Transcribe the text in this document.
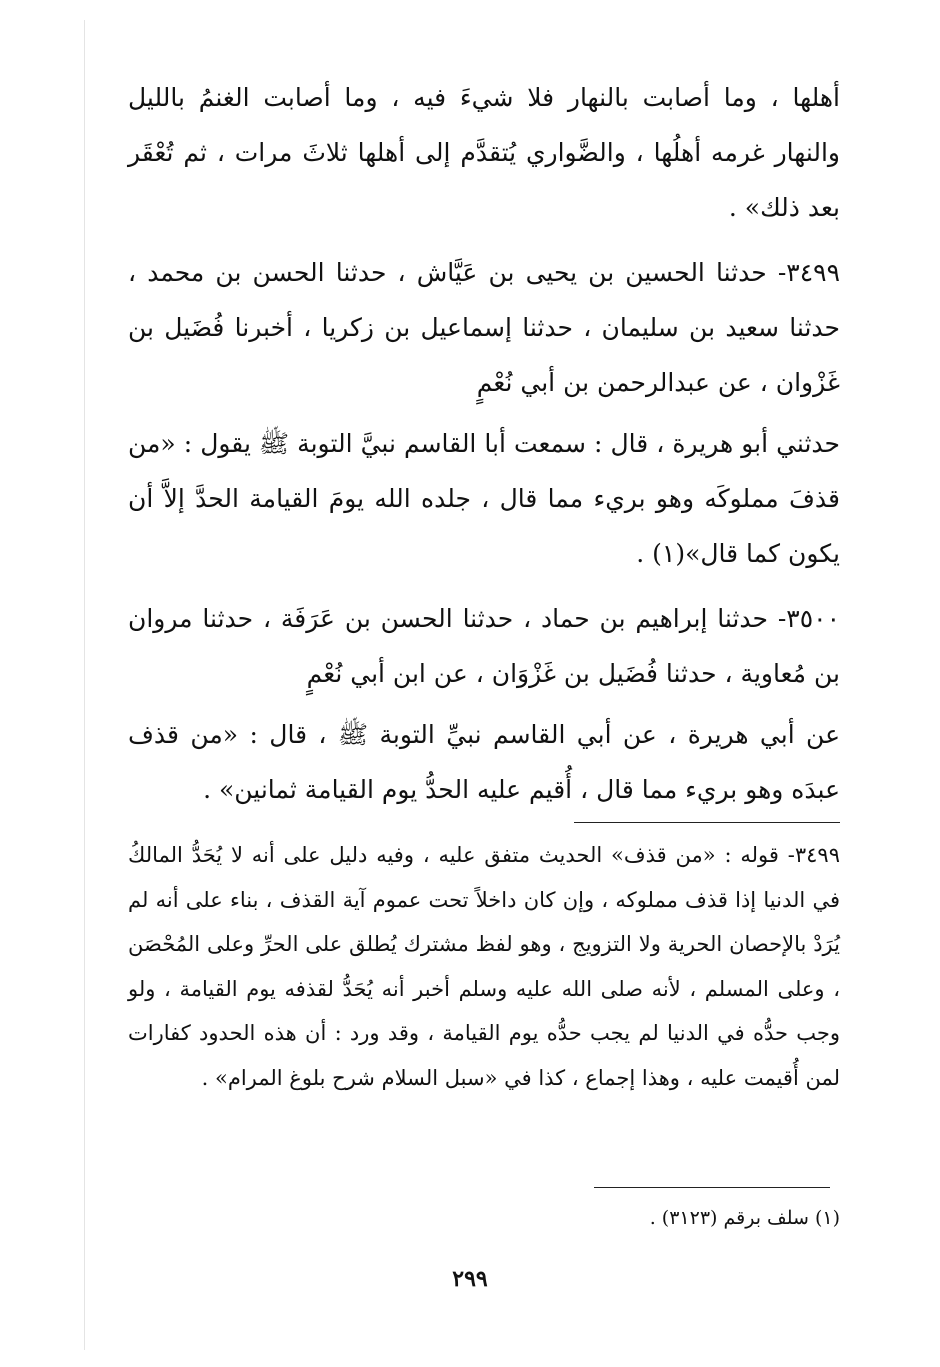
أهلها ، وما أصابت بالنهار فلا شيءَ فيه ، وما أصابت الغنمُ بالليل والنهار غرمه أهلُها ، والضَّواري يُتقدَّم إلى أهلها ثلاثَ مرات ، ثم تُعْقَر بعد ذلك» .

٣٤٩٩- حدثنا الحسين بن يحيى بن عَيَّاش ، حدثنا الحسن بن محمد ، حدثنا سعيد بن سليمان ، حدثنا إسماعيل بن زكريا ، أخبرنا فُضَيل بن غَزْوان ، عن عبدالرحمن بن أبي نُعْمٍ

حدثني أبو هريرة ، قال : سمعت أبا القاسم نبيَّ التوبة ﷺ يقول : «من قذفَ مملوكَه وهو بريء مما قال ، جلده الله يومَ القيامة الحدَّ إلاَّ أن يكون كما قال»(١) .

٣٥٠٠- حدثنا إبراهيم بن حماد ، حدثنا الحسن بن عَرَفَة ، حدثنا مروان بن مُعاوية ، حدثنا فُضَيل بن غَزْوَان ، عن ابن أبي نُعْمٍ

عن أبي هريرة ، عن أبي القاسم نبيِّ التوبة ﷺ ، قال : «من قذف عبدَه وهو بريء مما قال ، أُقيم عليه الحدُّ يوم القيامة ثمانين» .

٣٤٩٩- قوله : «من قذف» الحديث متفق عليه ، وفيه دليل على أنه لا يُحَدُّ المالكُ في الدنيا إذا قذف مملوكه ، وإن كان داخلاً تحت عموم آية القذف ، بناء على أنه لم يُرَدْ بالإحصان الحرية ولا التزويج ، وهو لفظ مشترك يُطلق على الحرِّ وعلى المُحْصَن ، وعلى المسلم ، لأنه صلى الله عليه وسلم أخبر أنه يُحَدُّ لقذفه يوم القيامة ، ولو وجب حدُّه في الدنيا لم يجب حدُّه يوم القيامة ، وقد ورد : أن هذه الحدود كفارات لمن أُقيمت عليه ، وهذا إجماع ، كذا في «سبل السلام شرح بلوغ المرام» .

(١) سلف برقم (٣١٢٣) .

٢٩٩
